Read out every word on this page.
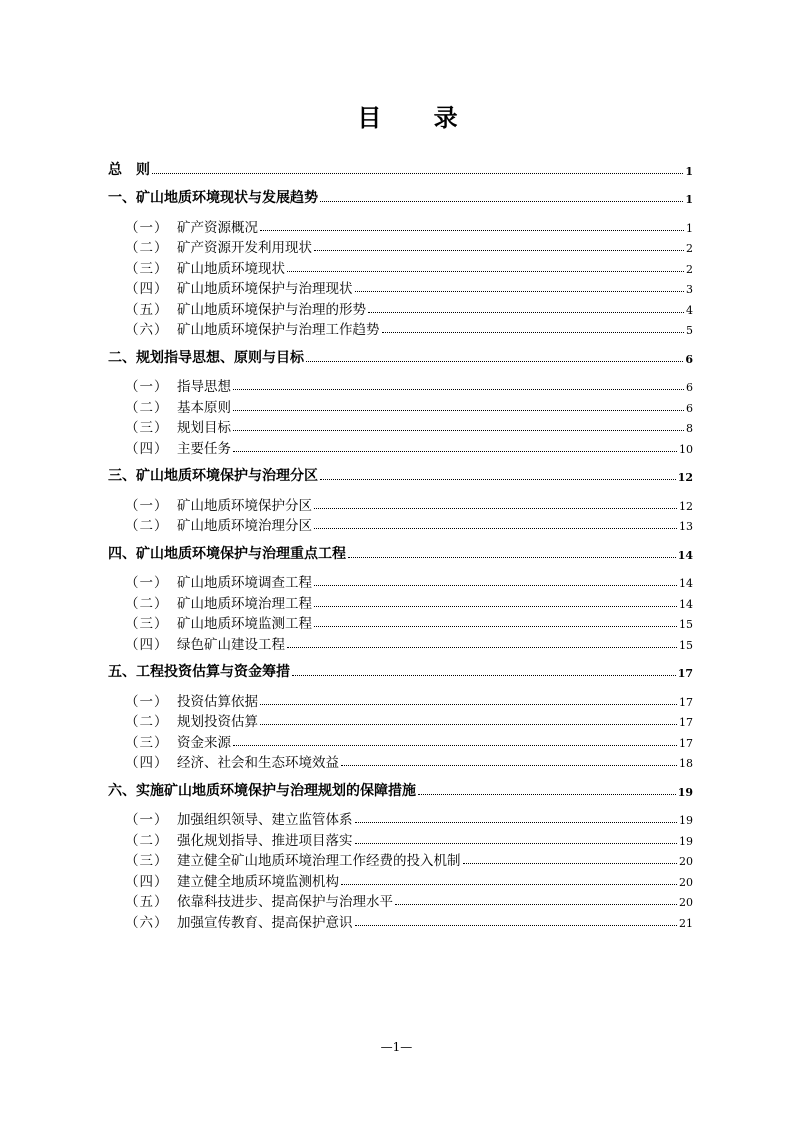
目 录
总　则	1
一、矿山地质环境现状与发展趋势	1
（一） 矿产资源概况	1
（二） 矿产资源开发利用现状	2
（三） 矿山地质环境现状	2
（四） 矿山地质环境保护与治理现状	3
（五） 矿山地质环境保护与治理的形势	4
（六） 矿山地质环境保护与治理工作趋势	5
二、规划指导思想、原则与目标	6
（一） 指导思想	6
（二） 基本原则	6
（三） 规划目标	8
（四） 主要任务	10
三、矿山地质环境保护与治理分区	12
（一） 矿山地质环境保护分区	12
（二） 矿山地质环境治理分区	13
四、矿山地质环境保护与治理重点工程	14
（一） 矿山地质环境调查工程	14
（二） 矿山地质环境治理工程	14
（三） 矿山地质环境监测工程	15
（四） 绿色矿山建设工程	15
五、工程投资估算与资金筹措	17
（一） 投资估算依据	17
（二） 规划投资估算	17
（三） 资金来源	17
（四） 经济、社会和生态环境效益	18
六、实施矿山地质环境保护与治理规划的保障措施	19
（一） 加强组织领导、建立监管体系	19
（二） 强化规划指导、推进项目落实	19
（三） 建立健全矿山地质环境治理工作经费的投入机制	20
（四） 建立健全地质环境监测机构	20
（五） 依靠科技进步、提高保护与治理水平	20
（六） 加强宣传教育、提高保护意识	21
—1—
